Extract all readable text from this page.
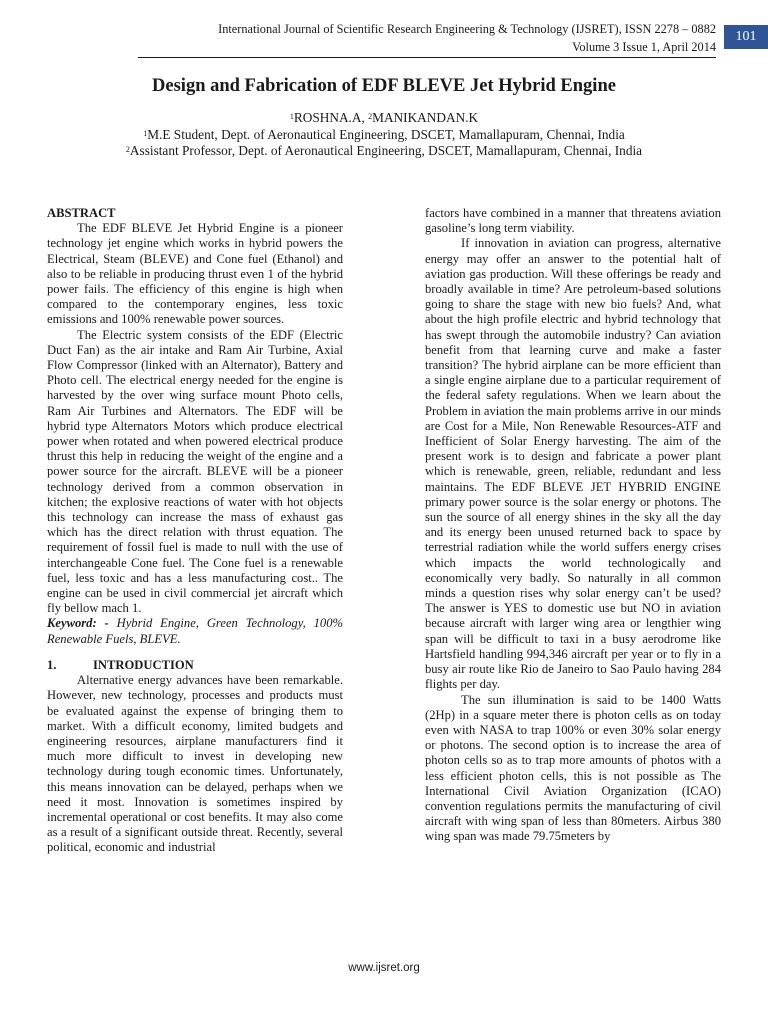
International Journal of Scientific Research Engineering & Technology (IJSRET), ISSN 2278 – 0882
Volume 3 Issue 1, April 2014
101
Design and Fabrication of EDF BLEVE Jet Hybrid Engine
$^1$ROSHNA.A, $^2$MANIKANDAN.K
$^1$M.E Student, Dept. of Aeronautical Engineering, DSCET, Mamallapuram, Chennai, India
$^2$Assistant Professor, Dept. of Aeronautical Engineering, DSCET, Mamallapuram, Chennai, India

ABSTRACT

The EDF BLEVE Jet Hybrid Engine is a pioneer technology jet engine which works in hybrid powers the Electrical, Steam (BLEVE) and Cone fuel (Ethanol) and also to be reliable in producing thrust even 1 of the hybrid power fails. The efficiency of this engine is high when compared to the contemporary engines, less toxic emissions and 100% renewable power sources.

The Electric system consists of the EDF (Electric Duct Fan) as the air intake and Ram Air Turbine, Axial Flow Compressor (linked with an Alternator), Battery and Photo cell. The electrical energy needed for the engine is harvested by the over wing surface mount Photo cells, Ram Air Turbines and Alternators. The EDF will be hybrid type Alternators Motors which produce electrical power when rotated and when powered electrical produce thrust this help in reducing the weight of the engine and a power source for the aircraft. BLEVE will be a pioneer technology derived from a common observation in kitchen; the explosive reactions of water with hot objects this technology can increase the mass of exhaust gas which has the direct relation with thrust equation. The requirement of fossil fuel is made to null with the use of interchangeable Cone fuel. The Cone fuel is a renewable fuel, less toxic and has a less manufacturing cost.. The engine can be used in civil commercial jet aircraft which fly bellow mach 1.

Keyword: - Hybrid Engine, Green Technology, 100% Renewable Fuels, BLEVE.

1.	INTRODUCTION

Alternative energy advances have been remarkable. However, new technology, processes and products must be evaluated against the expense of bringing them to market. With a difficult economy, limited budgets and engineering resources, airplane manufacturers find it much more difficult to invest in developing new technology during tough economic times. Unfortunately, this means innovation can be delayed, perhaps when we need it most. Innovation is sometimes inspired by incremental operational or cost benefits. It may also come as a result of a significant outside threat. Recently, several political, economic and industrial

factors have combined in a manner that threatens aviation gasoline’s long term viability.

If innovation in aviation can progress, alternative energy may offer an answer to the potential halt of aviation gas production. Will these offerings be ready and broadly available in time? Are petroleum-based solutions going to share the stage with new bio fuels? And, what about the high profile electric and hybrid technology that has swept through the automobile industry? Can aviation benefit from that learning curve and make a faster transition? The hybrid airplane can be more efficient than a single engine airplane due to a particular requirement of the federal safety regulations. When we learn about the Problem in aviation the main problems arrive in our minds are Cost for a Mile, Non Renewable Resources-ATF and Inefficient of Solar Energy harvesting. The aim of the present work is to design and fabricate a power plant which is renewable, green, reliable, redundant and less maintains. The EDF BLEVE JET HYBRID ENGINE primary power source is the solar energy or photons. The sun the source of all energy shines in the sky all the day and its energy been unused returned back to space by terrestrial radiation while the world suffers energy crises which impacts the world technologically and economically very badly. So naturally in all common minds a question rises why solar energy can’t be used? The answer is YES to domestic use but NO in aviation because aircraft with larger wing area or lengthier wing span will be difficult to taxi in a busy aerodrome like Hartsfield handling 994,346 aircraft per year or to fly in a busy air route like Rio de Janeiro to Sao Paulo having 284 flights per day.

The sun illumination is said to be 1400 Watts (2Hp) in a square meter there is photon cells as on today even with NASA to trap 100% or even 30% solar energy or photons. The second option is to increase the area of photon cells so as to trap more amounts of photos with a less efficient photon cells, this is not possible as The International Civil Aviation Organization (ICAO) convention regulations permits the manufacturing of civil aircraft with wing span of less than 80meters. Airbus 380 wing span was made 79.75meters by

www.ijsret.org
